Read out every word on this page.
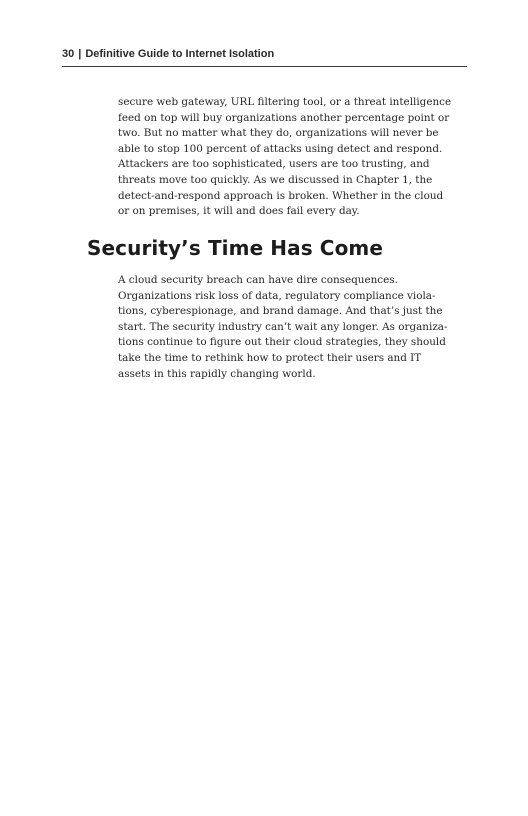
30 | Definitive Guide to Internet Isolation
secure web gateway, URL filtering tool, or a threat intelligence
feed on top will buy organizations another percentage point or
two. But no matter what they do, organizations will never be
able to stop 100 percent of attacks using detect and respond.
Attackers are too sophisticated, users are too trusting, and
threats move too quickly. As we discussed in Chapter 1, the
detect-and-respond approach is broken. Whether in the cloud
or on premises, it will and does fail every day.
Security’s Time Has Come
A cloud security breach can have dire consequences.
Organizations risk loss of data, regulatory compliance viola-
tions, cyberespionage, and brand damage. And that’s just the
start. The security industry can’t wait any longer. As organiza-
tions continue to figure out their cloud strategies, they should
take the time to rethink how to protect their users and IT
assets in this rapidly changing world.
